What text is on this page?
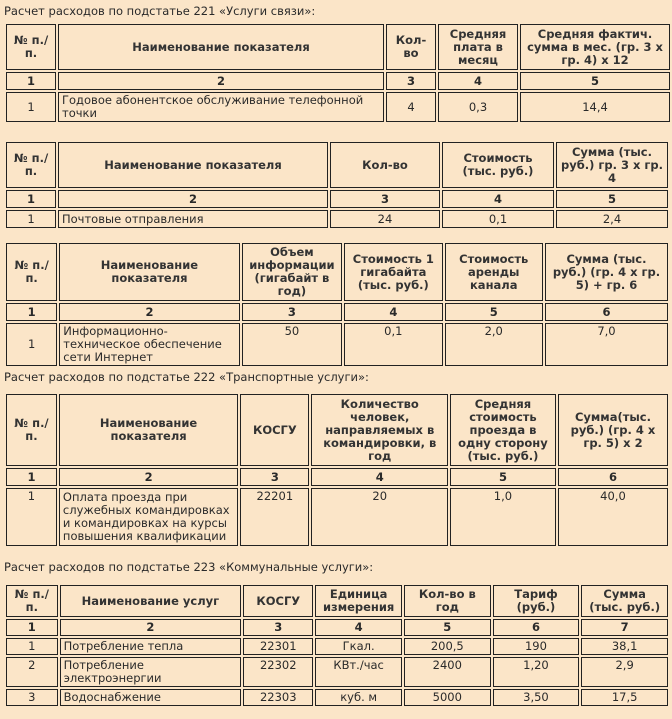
Расчет расходов по подстатье 221 «Услуги связи»:
№ п./п.	Наименование показателя	Кол-во	Средняя плата в месяц	Средняя фактич. сумма в мес. (гр. 3 х гр. 4) х 12
1	2	3	4	5
1	Годовое абонентское обслуживание телефонной точки	4	0,3	14,4
№ п./п.	Наименование показателя	Кол-во	Стоимость (тыс. руб.)	Сумма (тыс. руб.) гр. 3 х гр. 4
1	2	3	4	5
1	Почтовые отправления	24	0,1	2,4
№ п./п.	Наименование показателя	Объем информации (гигабайт в год)	Стоимость 1 гигабайта (тыс. руб.)	Стоимость аренды канала	Сумма (тыс. руб.) (гр. 4 х гр. 5) + гр. 6
1	2	3	4	5	6
1	Информационно-техническое обеспечение сети Интернет	50	0,1	2,0	7,0
Расчет расходов по подстатье 222 «Транспортные услуги»:
№ п./п.	Наименование показателя	КОСГУ	Количество человек, направляемых в командировки, в год	Средняя стоимость проезда в одну сторону (тыс. руб.)	Сумма(тыс. руб.) (гр. 4 х гр. 5) х 2
1	2	3	4	5	6
1	Оплата проезда при служебных командировках и командировках на курсы повышения квалификации	22201	20	1,0	40,0
Расчет расходов по подстатье 223 «Коммунальные услуги»:
№ п./п.	Наименование услуг	КОСГУ	Единица измерения	Кол-во в год	Тариф (руб.)	Сумма (тыс. руб.)
1	2	3	4	5	6	7
1	Потребление тепла	22301	Гкал.	200,5	190	38,1
2	Потребление электроэнергии	22302	КВт./час	2400	1,20	2,9
3	Водоснабжение	22303	куб. м	5000	3,50	17,5
